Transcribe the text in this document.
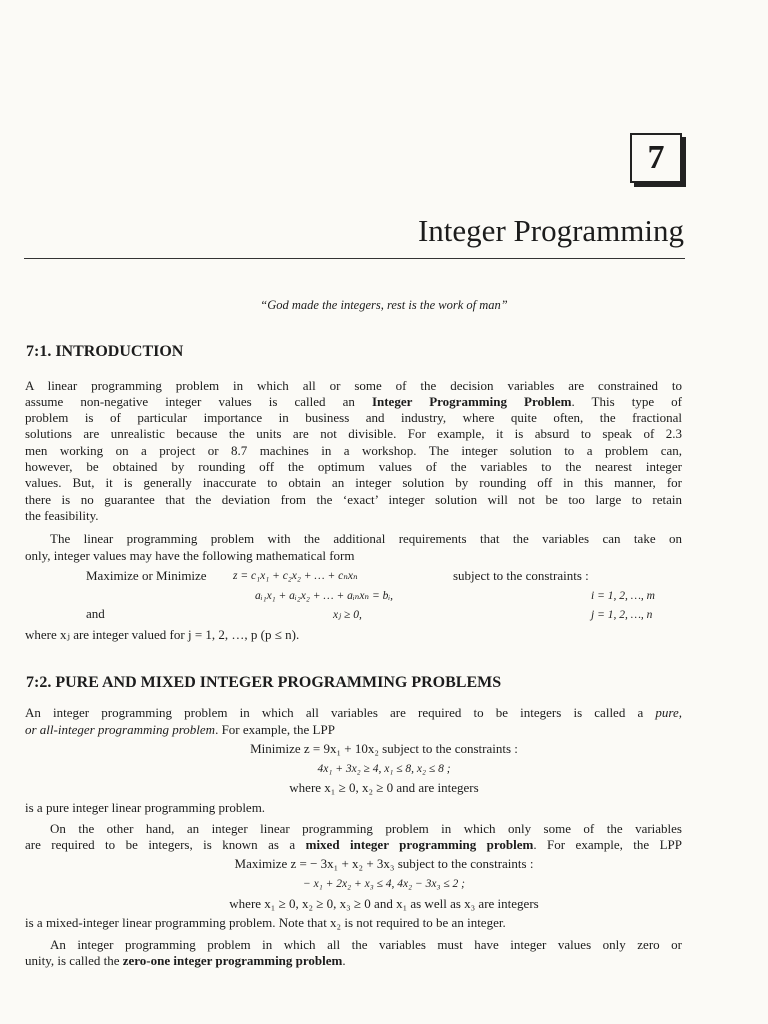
7
Integer Programming
“God made the integers, rest is the work of man”
7:1. INTRODUCTION
A linear programming problem in which all or some of the decision variables are constrained to
assume non-negative integer values is called an Integer Programming Problem. This type of
problem is of particular importance in business and industry, where quite often, the fractional
solutions are unrealistic because the units are not divisible. For example, it is absurd to speak of 2.3
men working on a project or 8.7 machines in a workshop. The integer solution to a problem can,
however, be obtained by rounding off the optimum values of the variables to the nearest integer
values. But, it is generally inaccurate to obtain an integer solution by rounding off in this manner, for
there is no guarantee that the deviation from the ‘exact’ integer solution will not be too large to retain
the feasibility.
The linear programming problem with the additional requirements that the variables can take on
only, integer values may have the following mathematical form
Maximize or Minimize z = c₁x₁ + c₂x₂ + … + cₙxₙ	subject to the constraints :
aᵢ₁x₁ + aᵢ₂x₂ + … + aᵢₙxₙ = bᵢ,	i = 1, 2, …, m
and	xⱼ ≥ 0,	j = 1, 2, …, n
where xⱼ are integer valued for j = 1, 2, …, p (p ≤ n).
7:2. PURE AND MIXED INTEGER PROGRAMMING PROBLEMS
An integer programming problem in which all variables are required to be integers is called a pure,
or all-integer programming problem. For example, the LPP
Minimize z = 9x₁ + 10x₂ subject to the constraints :
4x₁ + 3x₂ ≥ 4, x₁ ≤ 8, x₂ ≤ 8 ;
where x₁ ≥ 0, x₂ ≥ 0 and are integers
is a pure integer linear programming problem.
On the other hand, an integer linear programming problem in which only some of the variables
are required to be integers, is known as a mixed integer programming problem. For example, the LPP
Maximize z = − 3x₁ + x₂ + 3x₃ subject to the constraints :
− x₁ + 2x₂ + x₃ ≤ 4, 4x₂ − 3x₃ ≤ 2 ;
where x₁ ≥ 0, x₂ ≥ 0, x₃ ≥ 0 and x₁ as well as x₃ are integers
is a mixed-integer linear programming problem. Note that x₂ is not required to be an integer.
An integer programming problem in which all the variables must have integer values only zero or
unity, is called the zero-one integer programming problem.
